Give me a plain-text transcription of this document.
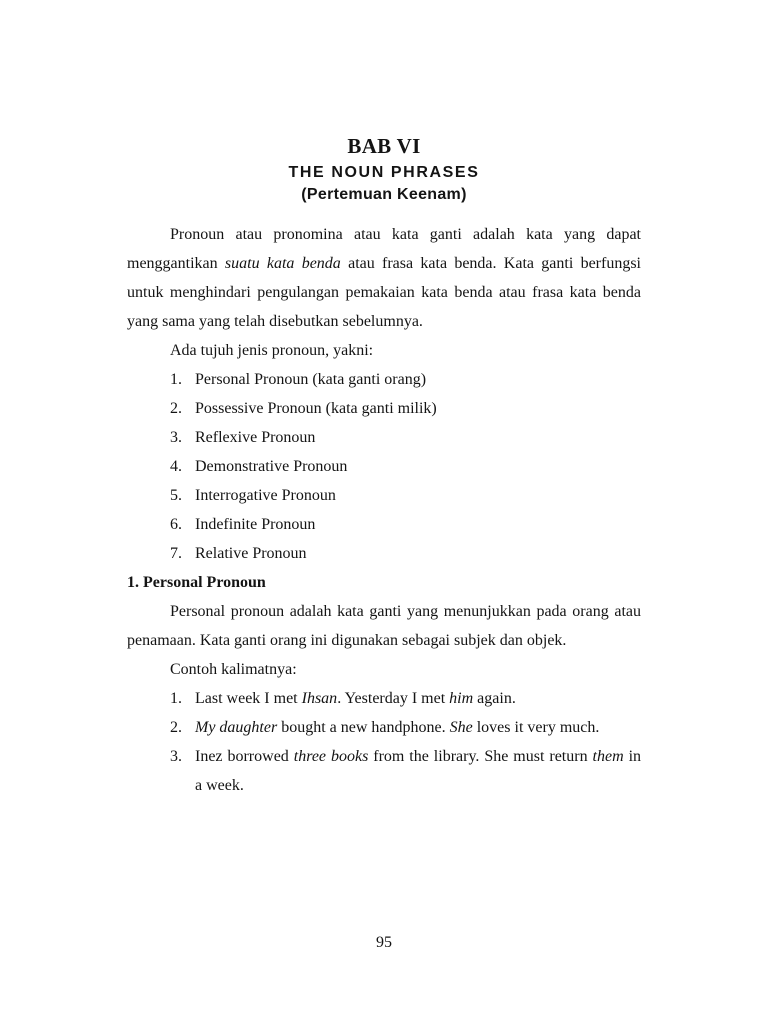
BAB VI
THE NOUN PHRASES
(Pertemuan Keenam)

Pronoun atau pronomina atau kata ganti adalah kata yang dapat menggantikan suatu kata benda atau frasa kata benda. Kata ganti berfungsi untuk menghindari pengulangan pemakaian kata benda atau frasa kata benda yang sama yang telah disebutkan sebelumnya.

Ada tujuh jenis pronoun, yakni:

1. Personal Pronoun (kata ganti orang)
2. Possessive Pronoun (kata ganti milik)
3. Reflexive Pronoun
4. Demonstrative Pronoun
5. Interrogative Pronoun
6. Indefinite Pronoun
7. Relative Pronoun

1. Personal Pronoun

Personal pronoun adalah kata ganti yang menunjukkan pada orang atau penamaan. Kata ganti orang ini digunakan sebagai subjek dan objek.

Contoh kalimatnya:

1. Last week I met Ihsan. Yesterday I met him again.
2. My daughter bought a new handphone. She loves it very much.
3. Inez borrowed three books from the library. She must return them in a week.
95
